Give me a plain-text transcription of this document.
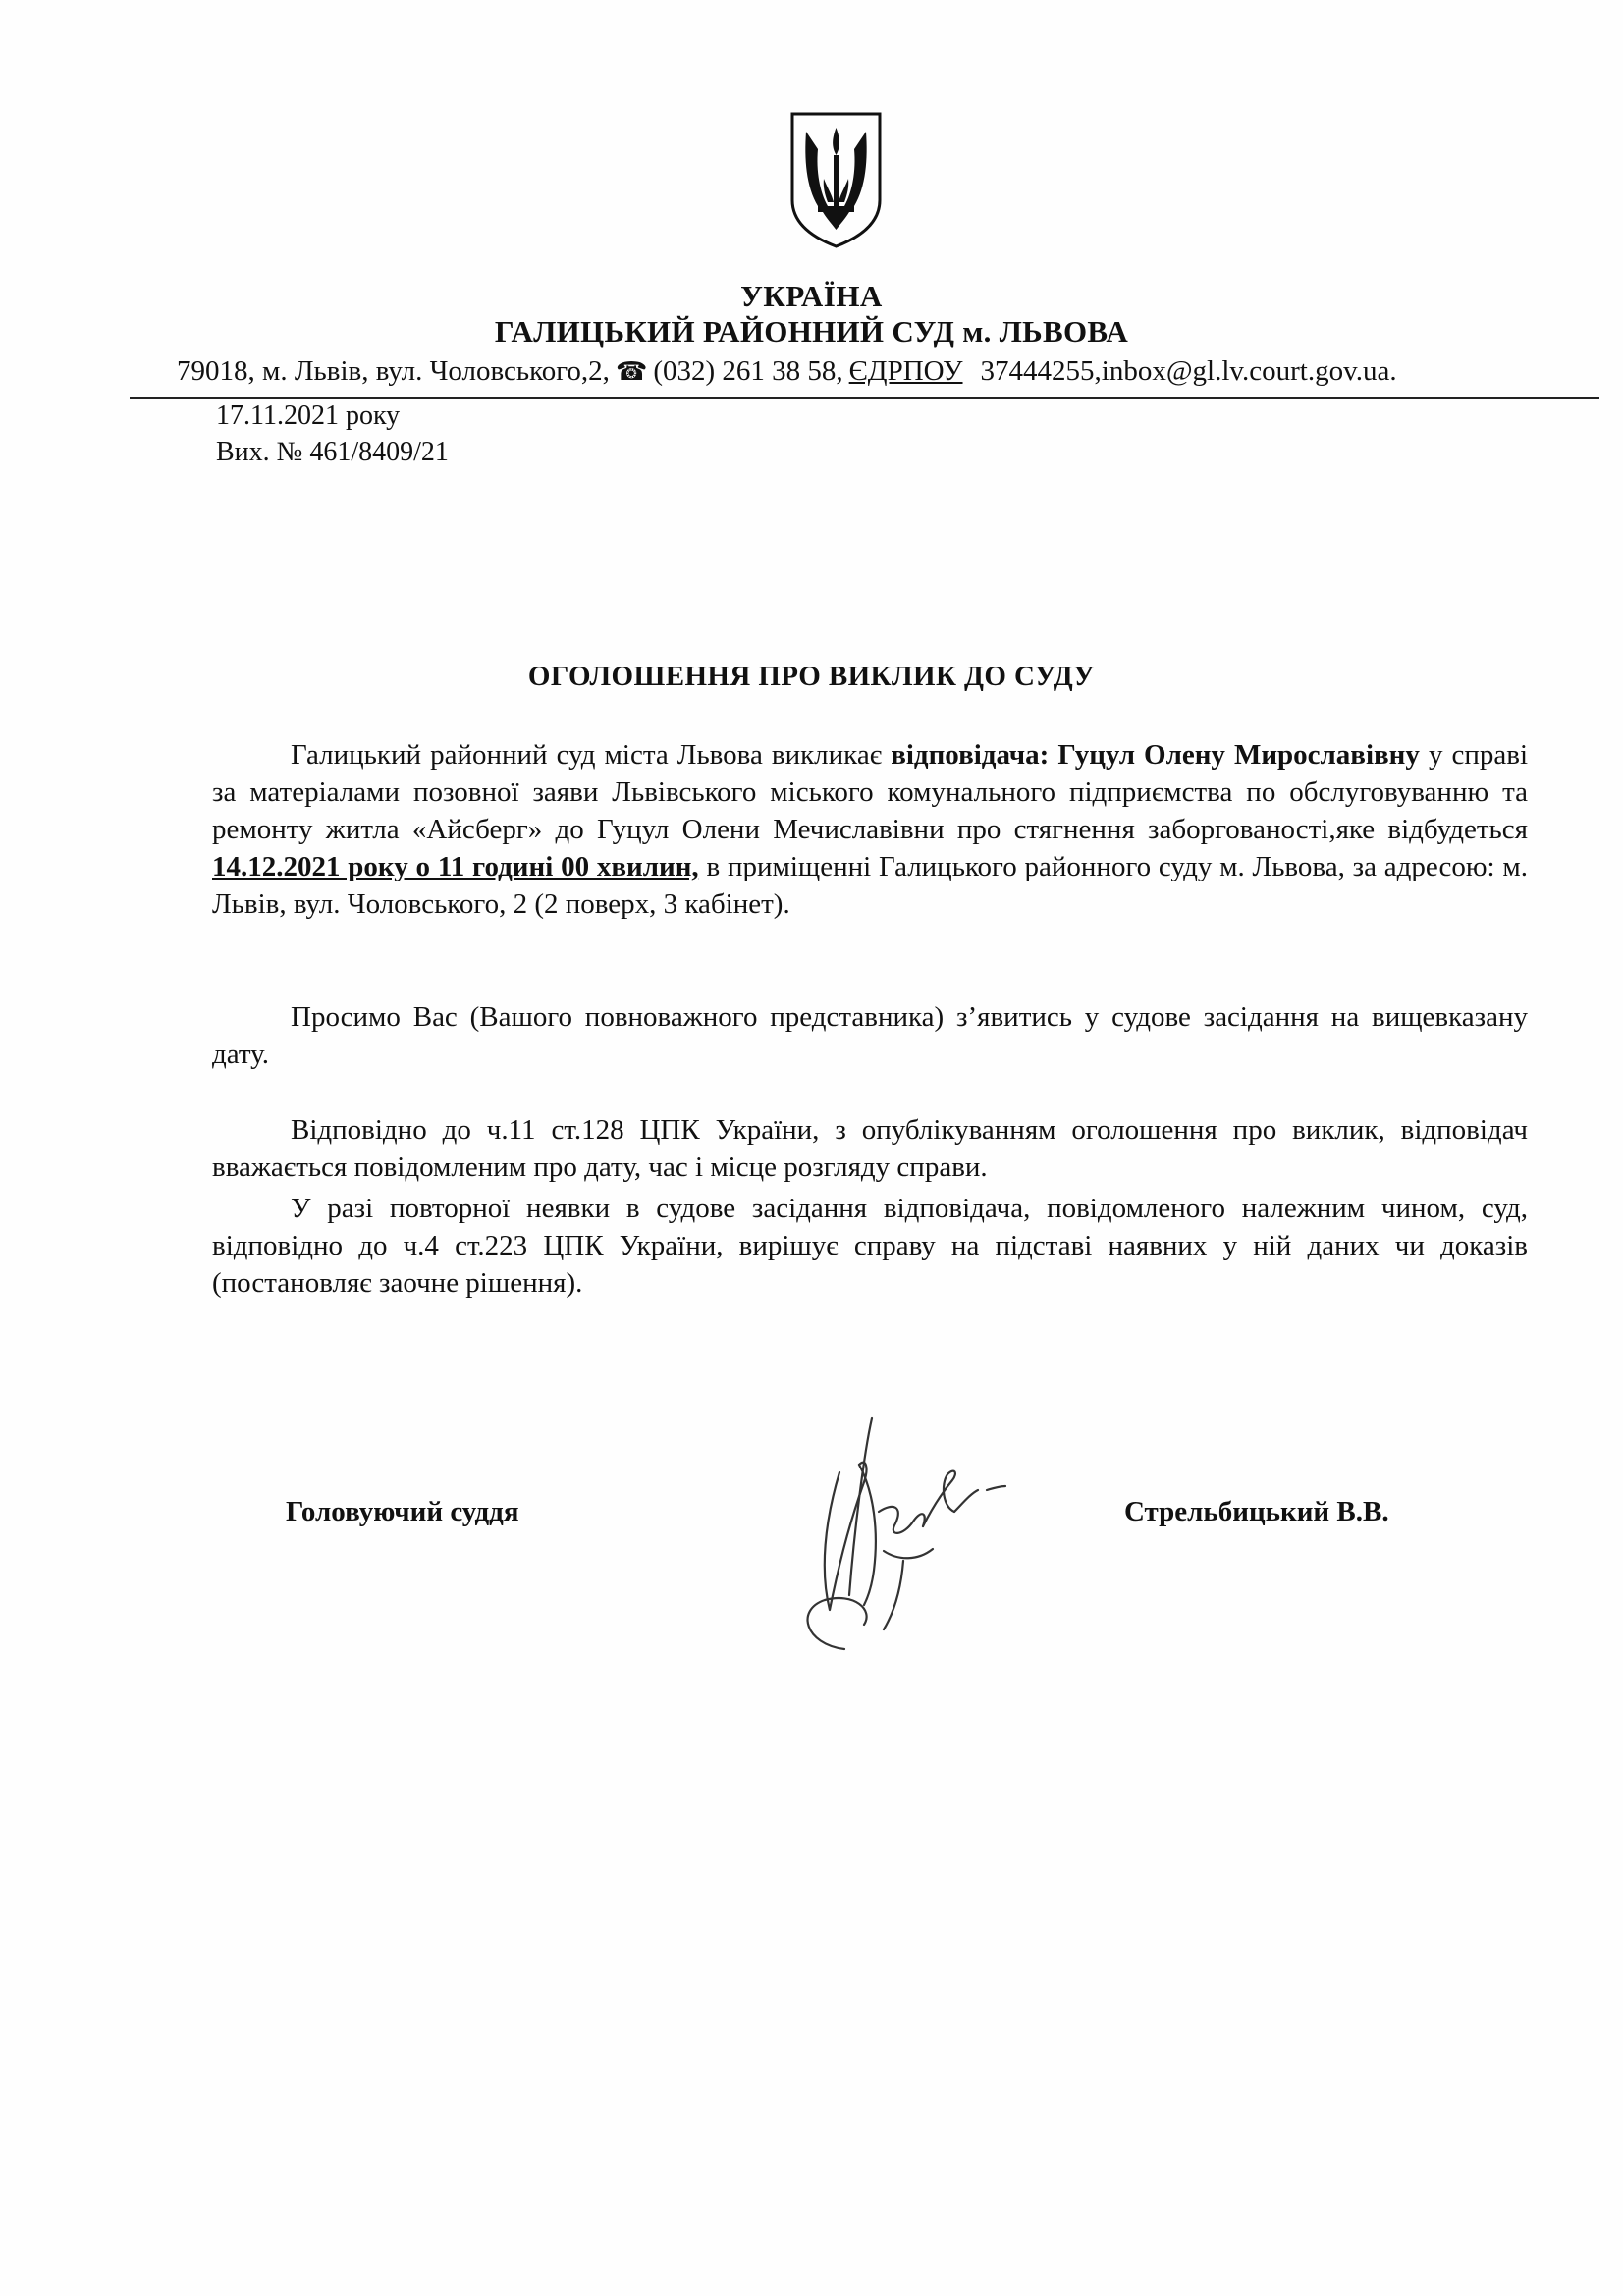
УКРАЇНА
ГАЛИЦЬКИЙ РАЙОННИЙ СУД м. ЛЬВОВА
79018, м. Львів, вул. Чоловського,2, ☎ (032) 261 38 58, ЄДРПОУ 37444255,inbox@gl.lv.court.gov.ua.
17.11.2021 року
Вих. № 461/8409/21
ОГОЛОШЕННЯ ПРО ВИКЛИК ДО СУДУ
Галицький районний суд міста Львова викликає відповідача: Гуцул Олену Мирославівну у справі за матеріалами позовної заяви Львівського міського комунального підприємства по обслуговуванню та ремонту житла «Айсберг» до Гуцул Олени Мечиславівни про стягнення заборгованості,яке відбудеться 14.12.2021 року о 11 годині 00 хвилин, в приміщенні Галицького районного суду м. Львова, за адресою: м. Львів, вул. Чоловського, 2 (2 поверх, 3 кабінет).
Просимо Вас (Вашого повноважного представника) з’явитись у судове засідання на вищевказану дату.
Відповідно до ч.11 ст.128 ЦПК України, з опублікуванням оголошення про виклик, відповідач вважається повідомленим про дату, час і місце розгляду справи.
У разі повторної неявки в судове засідання відповідача, повідомленого належним чином, суд, відповідно до ч.4 ст.223 ЦПК України, вирішує справу на підставі наявних у ній даних чи доказів (постановляє заочне рішення).
Головуючий суддя	Стрельбицький В.В.
